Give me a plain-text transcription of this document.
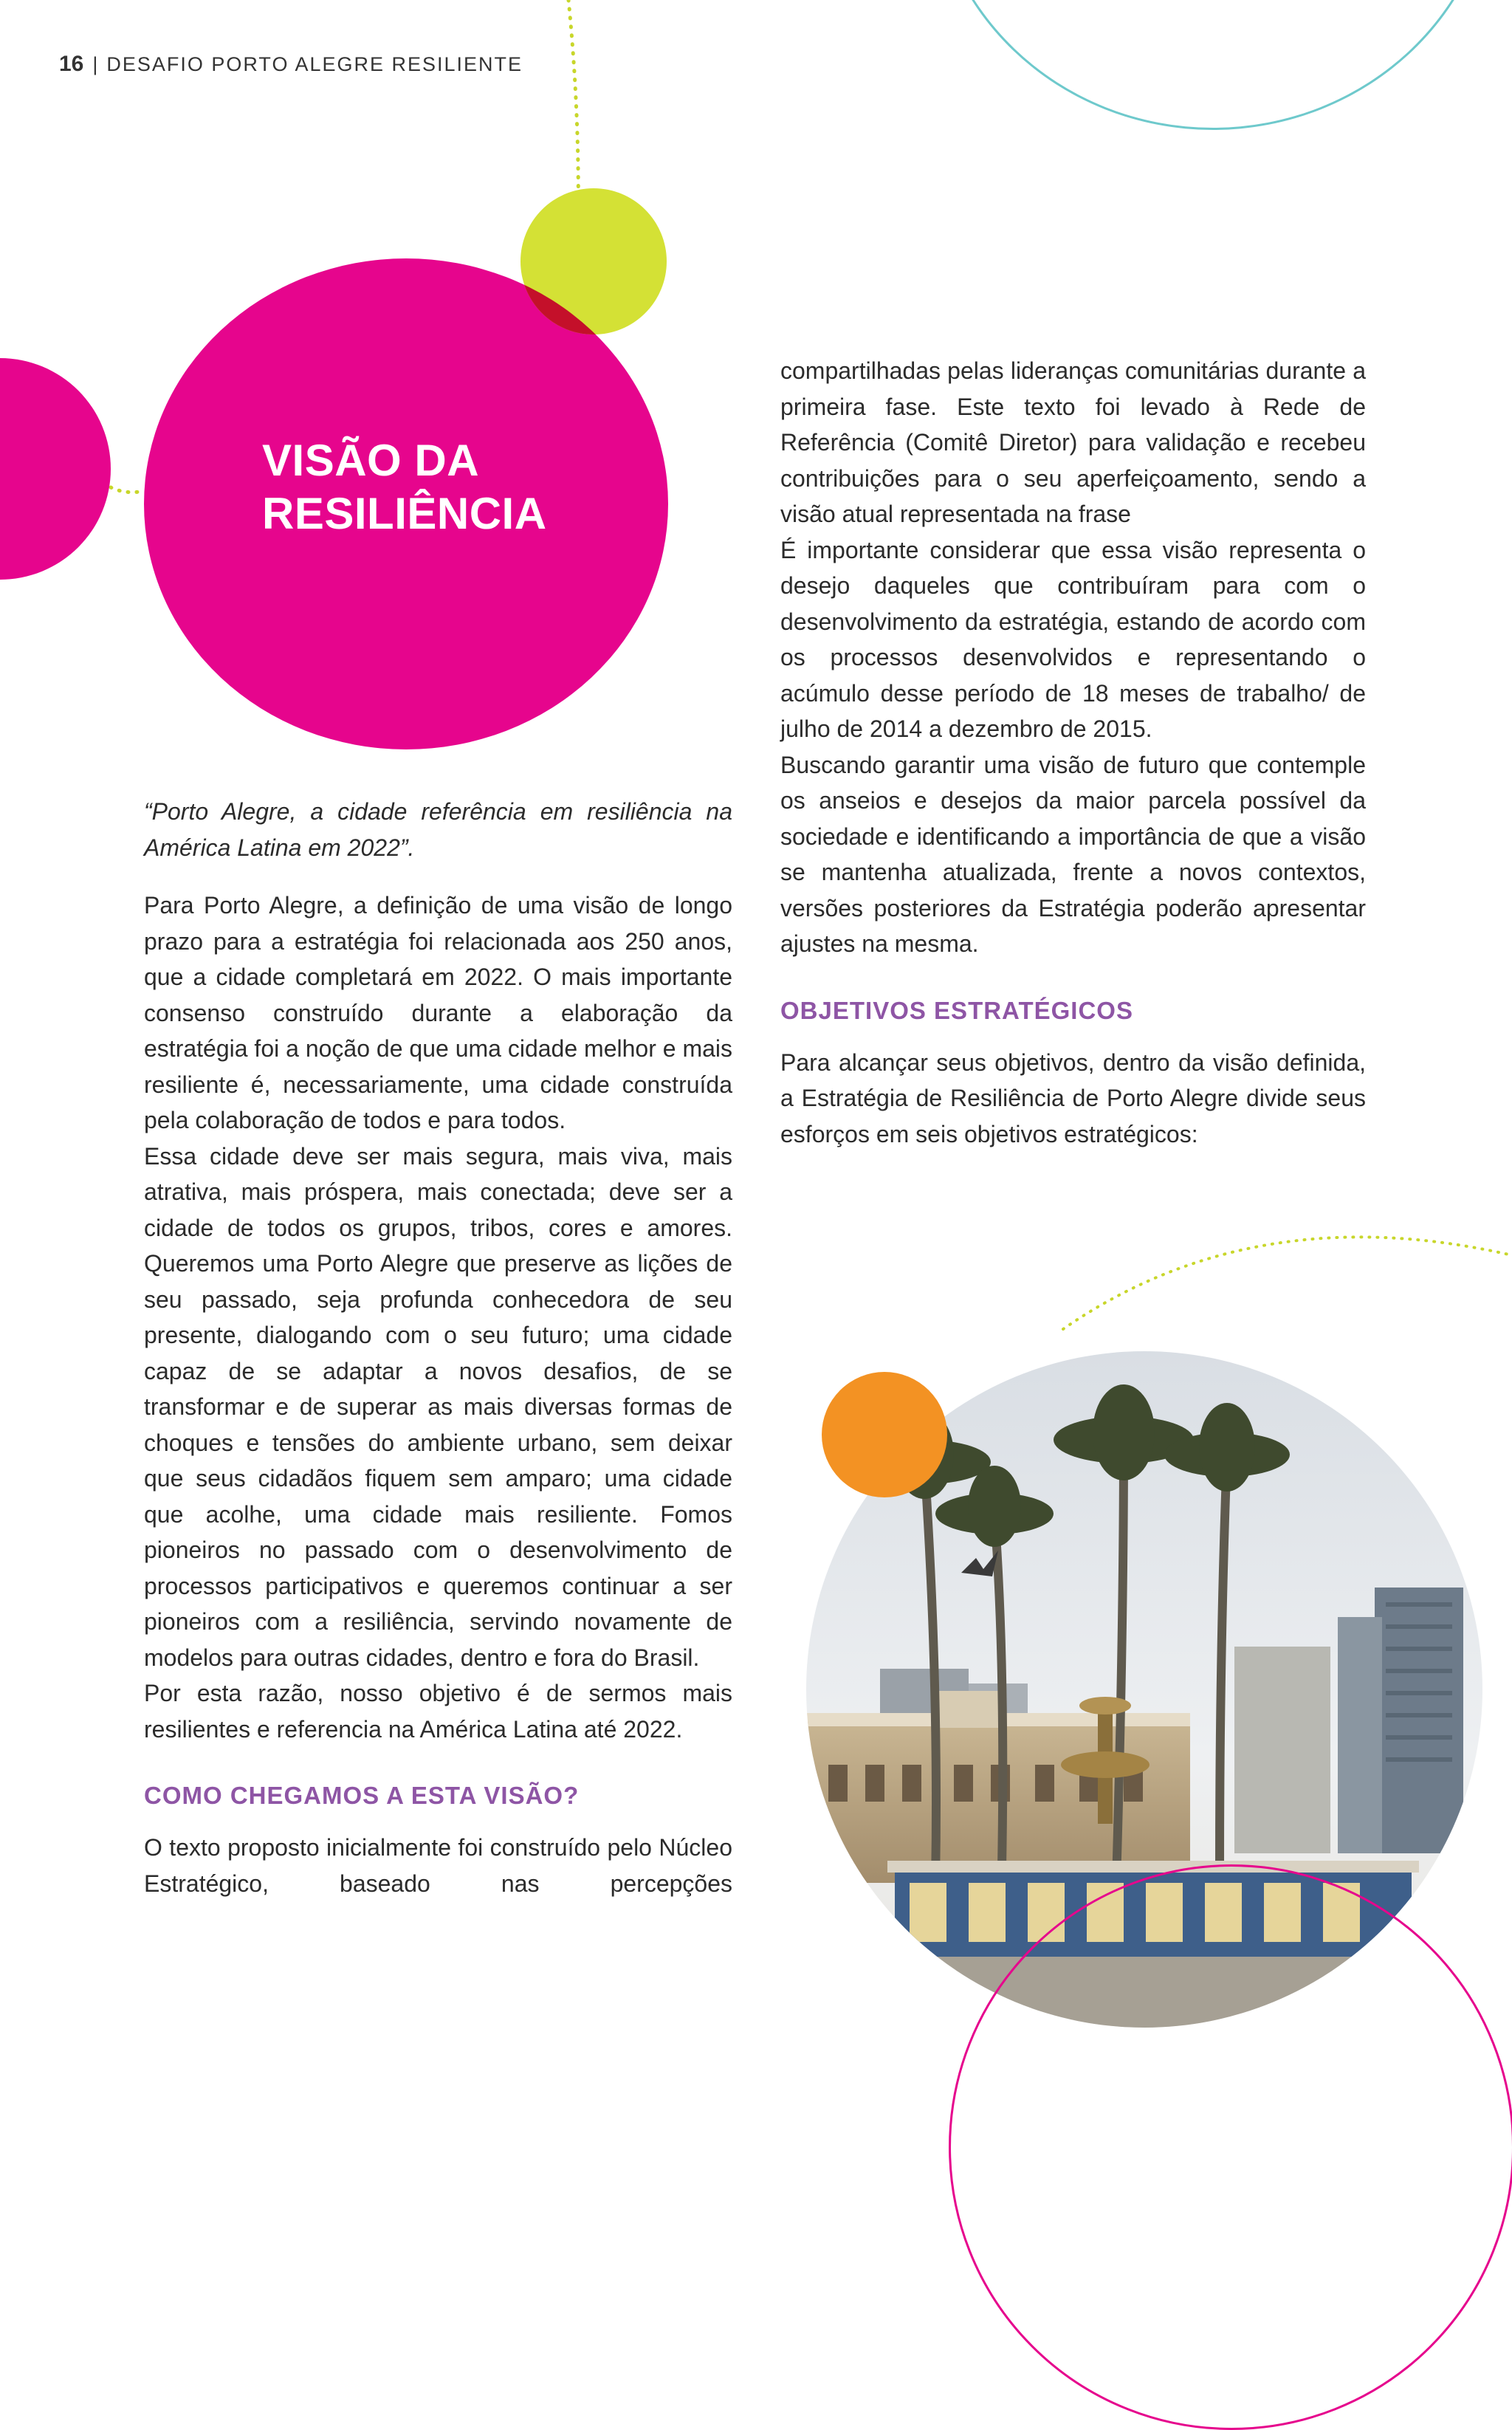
16 | DESAFIO PORTO ALEGRE RESILIENTE
VISÃO DA
RESILIÊNCIA

“Porto Alegre, a cidade referência em resiliência na América Latina em 2022”.

Para Porto Alegre, a definição de uma visão de longo prazo para a estratégia foi relacionada aos 250 anos, que a cidade completará em 2022. O mais importante consenso construído durante a elaboração da estratégia foi a noção de que uma cidade melhor e mais resiliente é, necessariamente, uma cidade construída pela colaboração de todos e para todos.

Essa cidade deve ser mais segura, mais viva, mais atrativa, mais próspera, mais conectada; deve ser a cidade de todos os grupos, tribos, cores e amores. Queremos uma Porto Alegre que preserve as lições de seu passado, seja profunda conhecedora de seu presente, dialogando com o seu futuro; uma cidade capaz de se adaptar a novos desafios, de se transformar e de superar as mais diversas formas de choques e tensões do ambiente urbano, sem deixar que seus cidadãos fiquem sem amparo; uma cidade que acolhe, uma cidade mais resiliente. Fomos pioneiros no passado com o desenvolvimento de processos participativos e queremos continuar a ser pioneiros com a resiliência, servindo novamente de modelos para outras cidades, dentro e fora do Brasil.

Por esta razão, nosso objetivo é de sermos mais resilientes e referencia na América Latina até 2022.

COMO CHEGAMOS A ESTA VISÃO?

O texto proposto inicialmente foi construído pelo Núcleo Estratégico, baseado nas percepções

compartilhadas pelas lideranças comunitárias durante a primeira fase. Este texto foi levado à Rede de Referência (Comitê Diretor) para validação e recebeu contribuições para o seu aperfeiçoamento, sendo a visão atual representada na frase

É importante considerar que essa visão representa o desejo daqueles que contribuíram para com o desenvolvimento da estratégia, estando de acordo com os processos desenvolvidos e representando o acúmulo desse período de 18 meses de trabalho/ de julho de 2014 a dezembro de 2015.

Buscando garantir uma visão de futuro que contemple os anseios e desejos da maior parcela possível da sociedade e identificando a importância de que a visão se mantenha atualizada, frente a novos contextos, versões posteriores da Estratégia poderão apresentar ajustes na mesma.

OBJETIVOS ESTRATÉGICOS

Para alcançar seus objetivos, dentro da visão definida, a Estratégia de Resiliência de Porto Alegre divide seus esforços em seis objetivos estratégicos:
